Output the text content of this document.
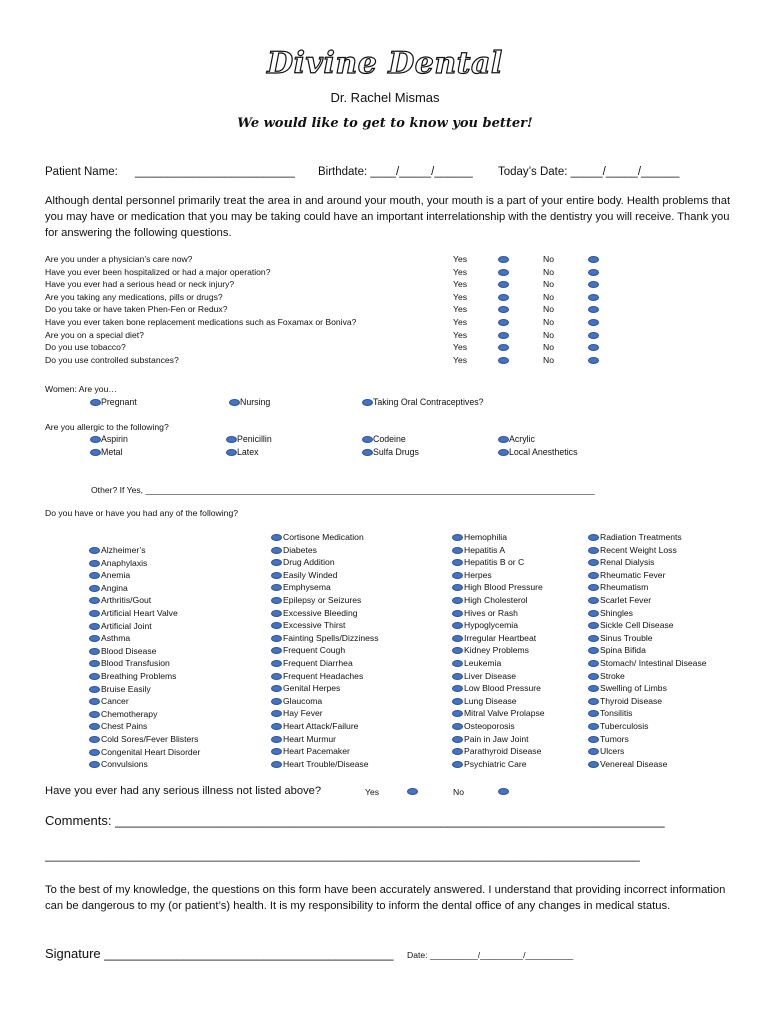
Divine Dental
Dr. Rachel Mismas
We would like to get to know you better!
Patient Name: _________________________ Birthdate: ____/_____/______ Today’s Date: _____/_____/______
Although dental personnel primarily treat the area in and around your mouth, your mouth is a part of your entire body. Health problems that you may have or medication that you may be taking could have an important interrelationship with the dentistry you will receive. Thank you for answering the following questions.
Are you under a physician’s care now?	Yes	No
Have you ever been hospitalized or had a major operation?	Yes	No
Have you ever had a serious head or neck injury?	Yes	No
Are you taking any medications, pills or drugs?	Yes	No
Do you take or have taken Phen-Fen or Redux?	Yes	No
Have you ever taken bone replacement medications such as Foxamax or Boniva?	Yes	No
Are you on a special diet?	Yes	No
Do you use tobacco?	Yes	No
Do you use controlled substances?	Yes	No
Women: Are you…
Pregnant	Nursing	Taking Oral Contraceptives?
Are you allergic to the following?
Aspirin	Penicillin	Codeine	Acrylic
Metal	Latex	Sulfa Drugs	Local Anesthetics
Other? If Yes, ______________________________________________________________________________________________
Do you have or have you had any of the following?
Alzheimer’s
Anaphylaxis
Anemia
Angina
Arthritis/Gout
Artificial Heart Valve
Artificial Joint
Asthma
Blood Disease
Blood Transfusion
Breathing Problems
Bruise Easily
Cancer
Chemotherapy
Chest Pains
Cold Sores/Fever Blisters
Congenital Heart Disorder
Convulsions
Cortisone Medication
Diabetes
Drug Addition
Easily Winded
Emphysema
Epilepsy or Seizures
Excessive Bleeding
Excessive Thirst
Fainting Spells/Dizziness
Frequent Cough
Frequent Diarrhea
Frequent Headaches
Genital Herpes
Glaucoma
Hay Fever
Heart Attack/Failure
Heart Murmur
Heart Pacemaker
Heart Trouble/Disease
Hemophilia
Hepatitis A
Hepatitis B or C
Herpes
High Blood Pressure
High Cholesterol
Hives or Rash
Hypoglycemia
Irregular Heartbeat
Kidney Problems
Leukemia
Liver Disease
Low Blood Pressure
Lung Disease
Mitral Valve Prolapse
Osteoporosis
Pain in Jaw Joint
Parathyroid Disease
Psychiatric Care
Radiation Treatments
Recent Weight Loss
Renal Dialysis
Rheumatic Fever
Rheumatism
Scarlet Fever
Shingles
Sickle Cell Disease
Sinus Trouble
Spina Bifida
Stomach/ Intestinal Disease
Stroke
Swelling of Limbs
Thyroid Disease
Tonsilitis
Tuberculosis
Tumors
Ulcers
Venereal Disease
Have you ever had any serious illness not listed above?	Yes	No
Comments: ____________________________________________________________________________
_____________________________________________________________________________________________
To the best of my knowledge, the questions on this form have been accurately answered. I understand that providing incorrect information can be dangerous to my (or patient’s) health. It is my responsibility to inform the dental office of any changes in medical status.
Signature ________________________________________ Date: __________/_________/__________
